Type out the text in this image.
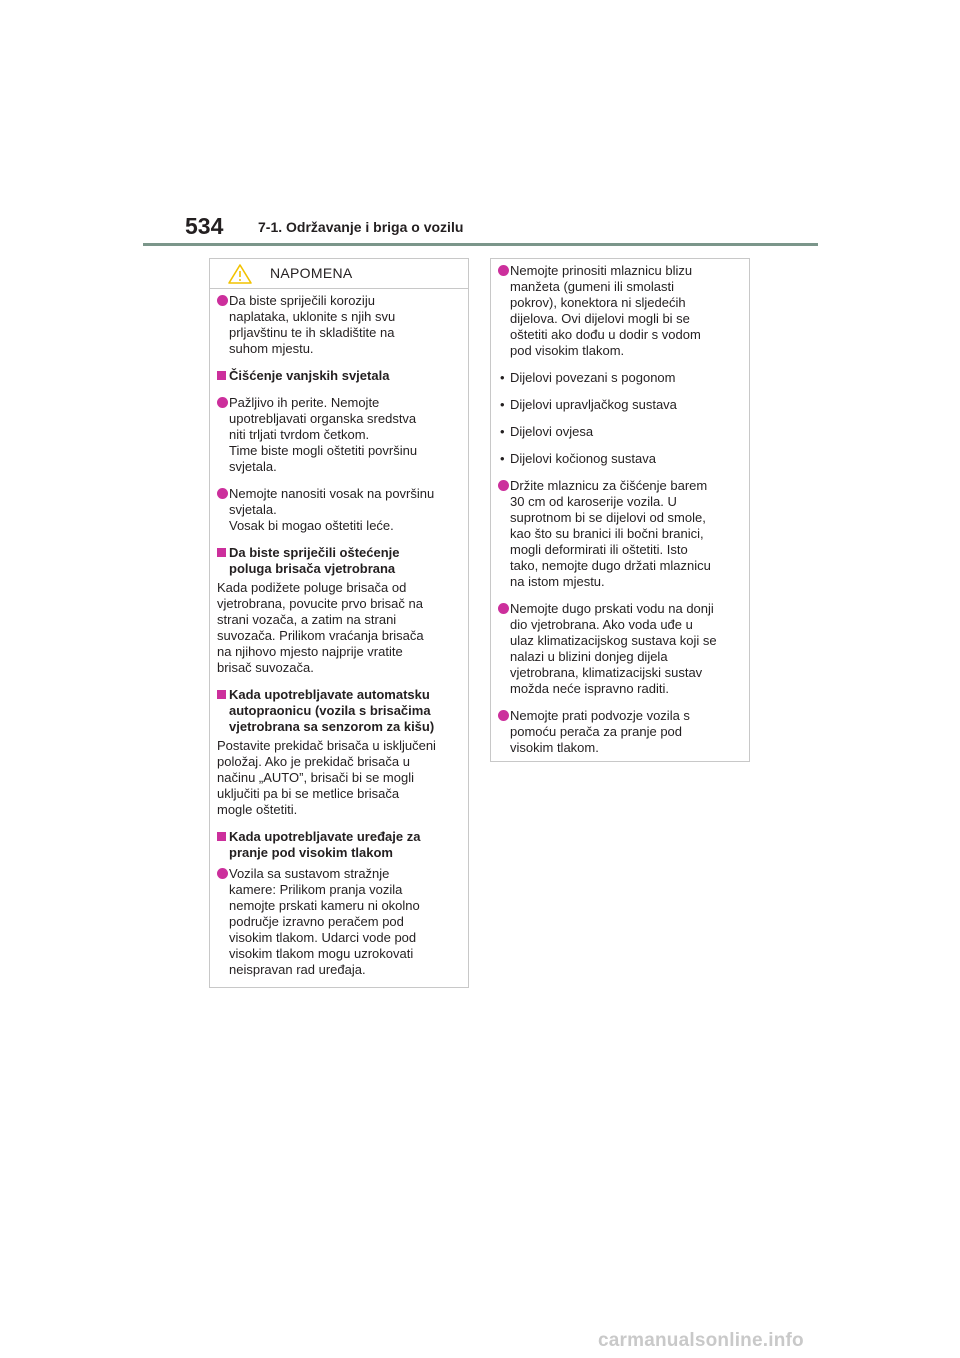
534 7-1. Održavanje i briga o vozilu
NAPOMENA
Da biste spriječili koroziju
naplataka, uklonite s njih svu
prljavštinu te ih skladištite na
suhom mjestu.
Čišćenje vanjskih svjetala
Pažljivo ih perite. Nemojte
upotrebljavati organska sredstva
niti trljati tvrdom četkom.
Time biste mogli oštetiti površinu
svjetala.
Nemojte nanositi vosak na površinu
svjetala.
Vosak bi mogao oštetiti leće.
Da biste spriječili oštećenje
poluga brisača vjetrobrana
Kada podižete poluge brisača od
vjetrobrana, povucite prvo brisač na
strani vozača, a zatim na strani
suvozača. Prilikom vraćanja brisača
na njihovo mjesto najprije vratite
brisač suvozača.
Kada upotrebljavate automatsku
autopraonicu (vozila s brisačima
vjetrobrana sa senzorom za kišu)
Postavite prekidač brisača u isključeni
položaj. Ako je prekidač brisača u
načinu „AUTO”, brisači bi se mogli
uključiti pa bi se metlice brisača
mogle oštetiti.
Kada upotrebljavate uređaje za
pranje pod visokim tlakom
Vozila sa sustavom stražnje
kamere: Prilikom pranja vozila
nemojte prskati kameru ni okolno
područje izravno peračem pod
visokim tlakom. Udarci vode pod
visokim tlakom mogu uzrokovati
neispravan rad uređaja.
Nemojte prinositi mlaznicu blizu
manžeta (gumeni ili smolasti
pokrov), konektora ni sljedećih
dijelova. Ovi dijelovi mogli bi se
oštetiti ako dođu u dodir s vodom
pod visokim tlakom.
• Dijelovi povezani s pogonom
• Dijelovi upravljačkog sustava
• Dijelovi ovjesa
• Dijelovi kočionog sustava
Držite mlaznicu za čišćenje barem
30 cm od karoserije vozila. U
suprotnom bi se dijelovi od smole,
kao što su branici ili bočni branici,
mogli deformirati ili oštetiti. Isto
tako, nemojte dugo držati mlaznicu
na istom mjestu.
Nemojte dugo prskati vodu na donji
dio vjetrobrana. Ako voda uđe u
ulaz klimatizacijskog sustava koji se
nalazi u blizini donjeg dijela
vjetrobrana, klimatizacijski sustav
možda neće ispravno raditi.
Nemojte prati podvozje vozila s
pomoću perača za pranje pod
visokim tlakom.
carmanualsonline.info
